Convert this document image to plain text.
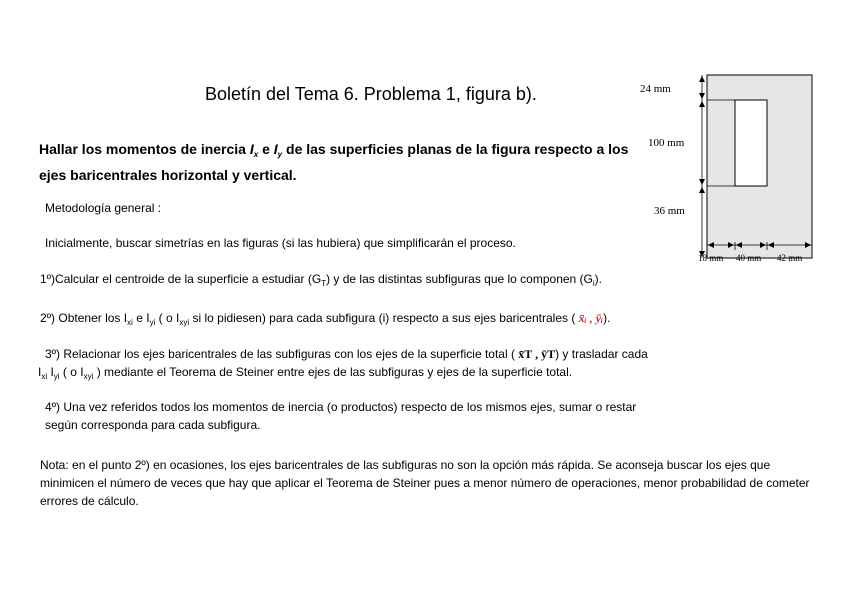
Boletín del Tema 6. Problema 1, figura b).
Hallar los momentos de inercia $I_x$ e $I_y$ de las superficies planas de la figura respecto a los ejes baricentrales horizontal y vertical.
Metodología general :
Inicialmente, buscar simetrías en las figuras (si las hubiera) que simplificarán el proceso.
1º)Calcular el centroide de la superficie a estudiar $(G_T)$ y de las distintas subfiguras que lo componen $(G_i)$.
2º) Obtener los $I_{xi}$ e $I_{yi}$ ( o $I_{xyi}$ si lo pidiesen) para cada subfigura (i) respecto a sus ejes baricentrales ( x̄ᵢ , ȳᵢ).
3º) Relacionar los ejes baricentrales de las subfiguras con los ejes de la superficie total ( x̄T , ȳT) y trasladar cada
$I_{xi}$ $I_{yi}$ ( o $I_{xyi}$ ) mediante el Teorema de Steiner entre ejes de las subfiguras y ejes de la superficie total.
4º) Una vez referidos todos los momentos de inercia (o productos) respecto de los mismos ejes, sumar o restar
según corresponda para cada subfigura.
Nota: en el punto 2º) en ocasiones, los ejes baricentrales de las subfiguras no son la opción más rápida. Se aconseja buscar los ejes que minimicen el número de veces que hay que aplicar el Teorema de Steiner pues a menor número de operaciones, menor probabilidad de cometer errores de cálculo.
24 mm
100 mm
36 mm
18 mm 40 mm 42 mm
